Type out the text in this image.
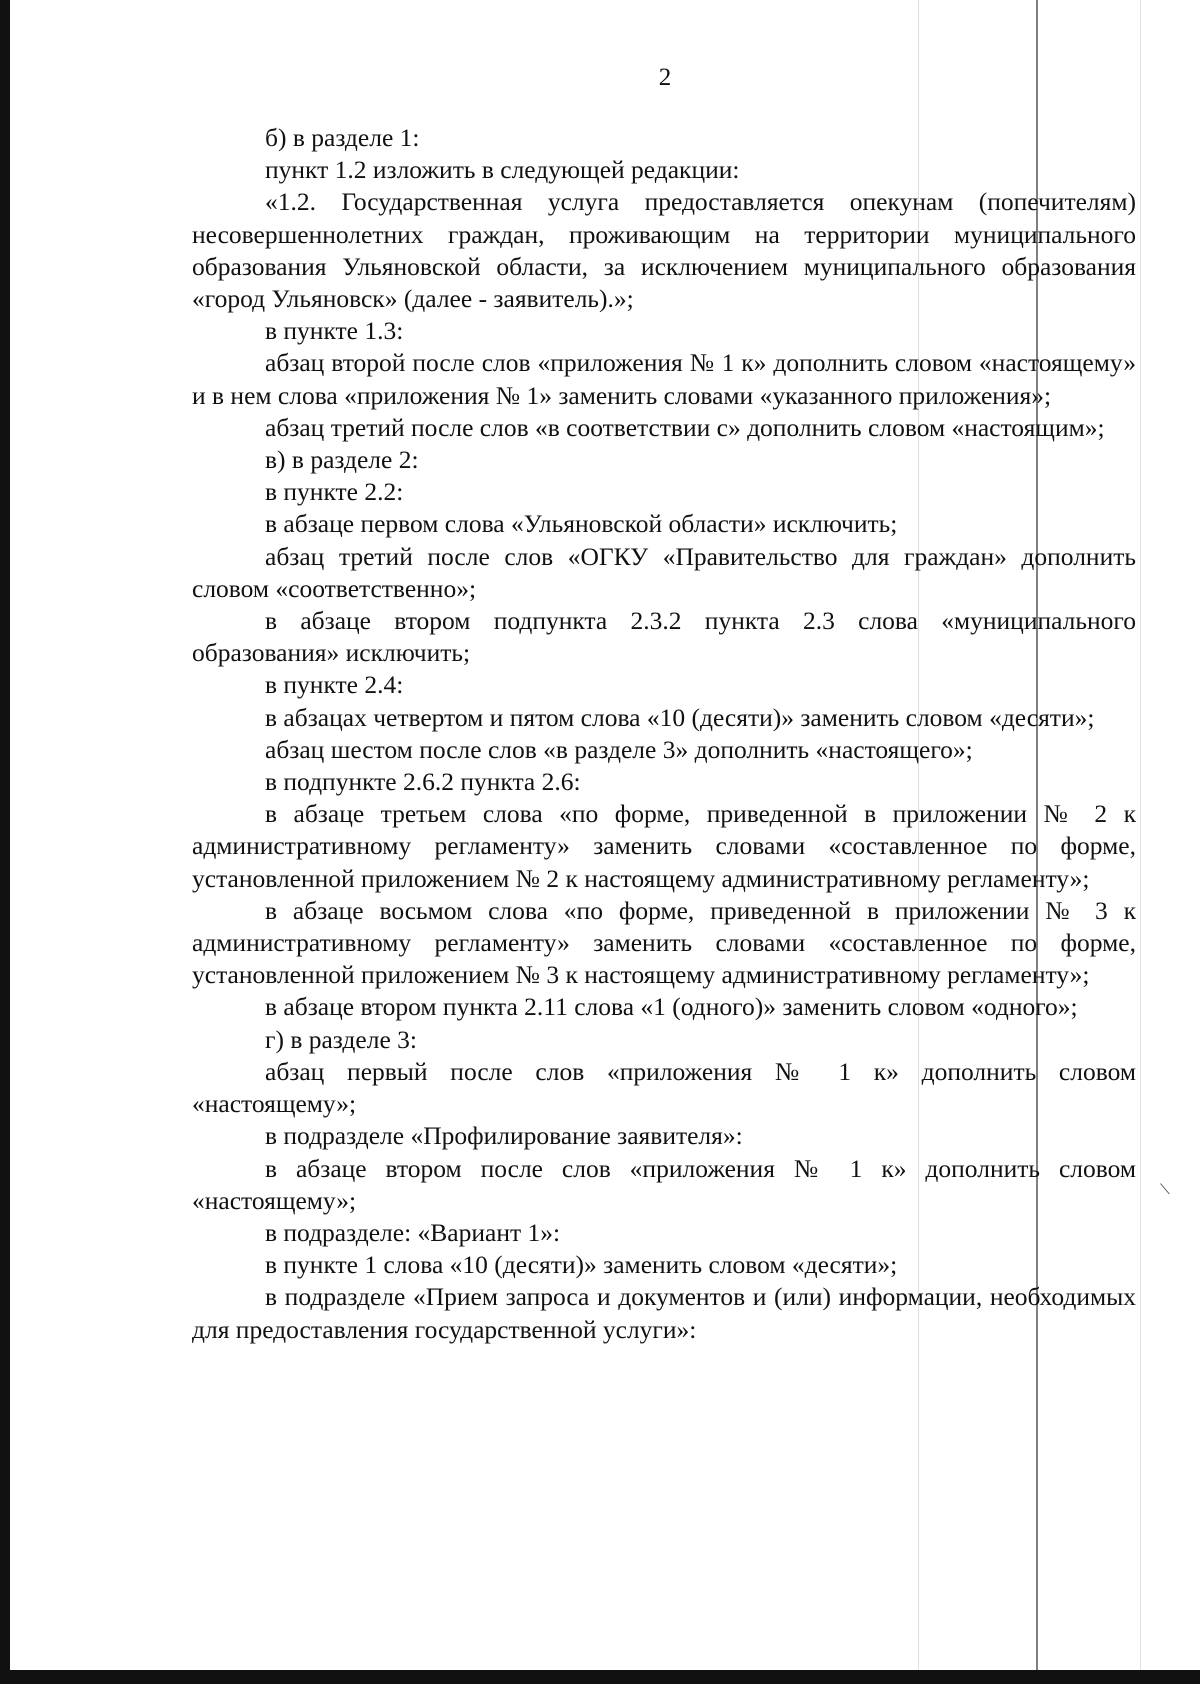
⟍
2

б) в разделе 1:

пункт 1.2 изложить в следующей редакции:

«1.2. Государственная услуга предоставляется опекунам (попечителям) несовершеннолетних граждан, проживающим на территории муниципального образования Ульяновской области, за исключением муниципального образования «город Ульяновск» (далее - заявитель).»;

в пункте 1.3:

абзац второй после слов «приложения № 1 к» дополнить словом «настоящему» и в нем слова «приложения № 1» заменить словами «указанного приложения»;

абзац третий после слов «в соответствии с» дополнить словом «настоящим»;

в) в разделе 2:

в пункте 2.2:

в абзаце первом слова «Ульяновской области» исключить;

абзац третий после слов «ОГКУ «Правительство для граждан» дополнить словом «соответственно»;

в абзаце втором подпункта 2.3.2 пункта 2.3 слова «муниципального образования» исключить;

в пункте 2.4:

в абзацах четвертом и пятом слова «10 (десяти)» заменить словом «десяти»;

абзац шестом после слов «в разделе 3» дополнить «настоящего»;

в подпункте 2.6.2 пункта 2.6:

в абзаце третьем слова «по форме, приведенной в приложении № 2 к административному регламенту» заменить словами «составленное по форме, установленной приложением № 2 к настоящему административному регламенту»;

в абзаце восьмом слова «по форме, приведенной в приложении № 3 к административному регламенту» заменить словами «составленное по форме, установленной приложением № 3 к настоящему административному регламенту»;

в абзаце втором пункта 2.11 слова «1 (одного)» заменить словом «одного»;

г) в разделе 3:

абзац первый после слов «приложения № 1 к» дополнить словом «настоящему»;

в подразделе «Профилирование заявителя»:

в абзаце втором после слов «приложения № 1 к» дополнить словом «настоящему»;

в подразделе: «Вариант 1»:

в пункте 1 слова «10 (десяти)» заменить словом «десяти»;

в подразделе «Прием запроса и документов и (или) информации, необходимых для предоставления государственной услуги»:
